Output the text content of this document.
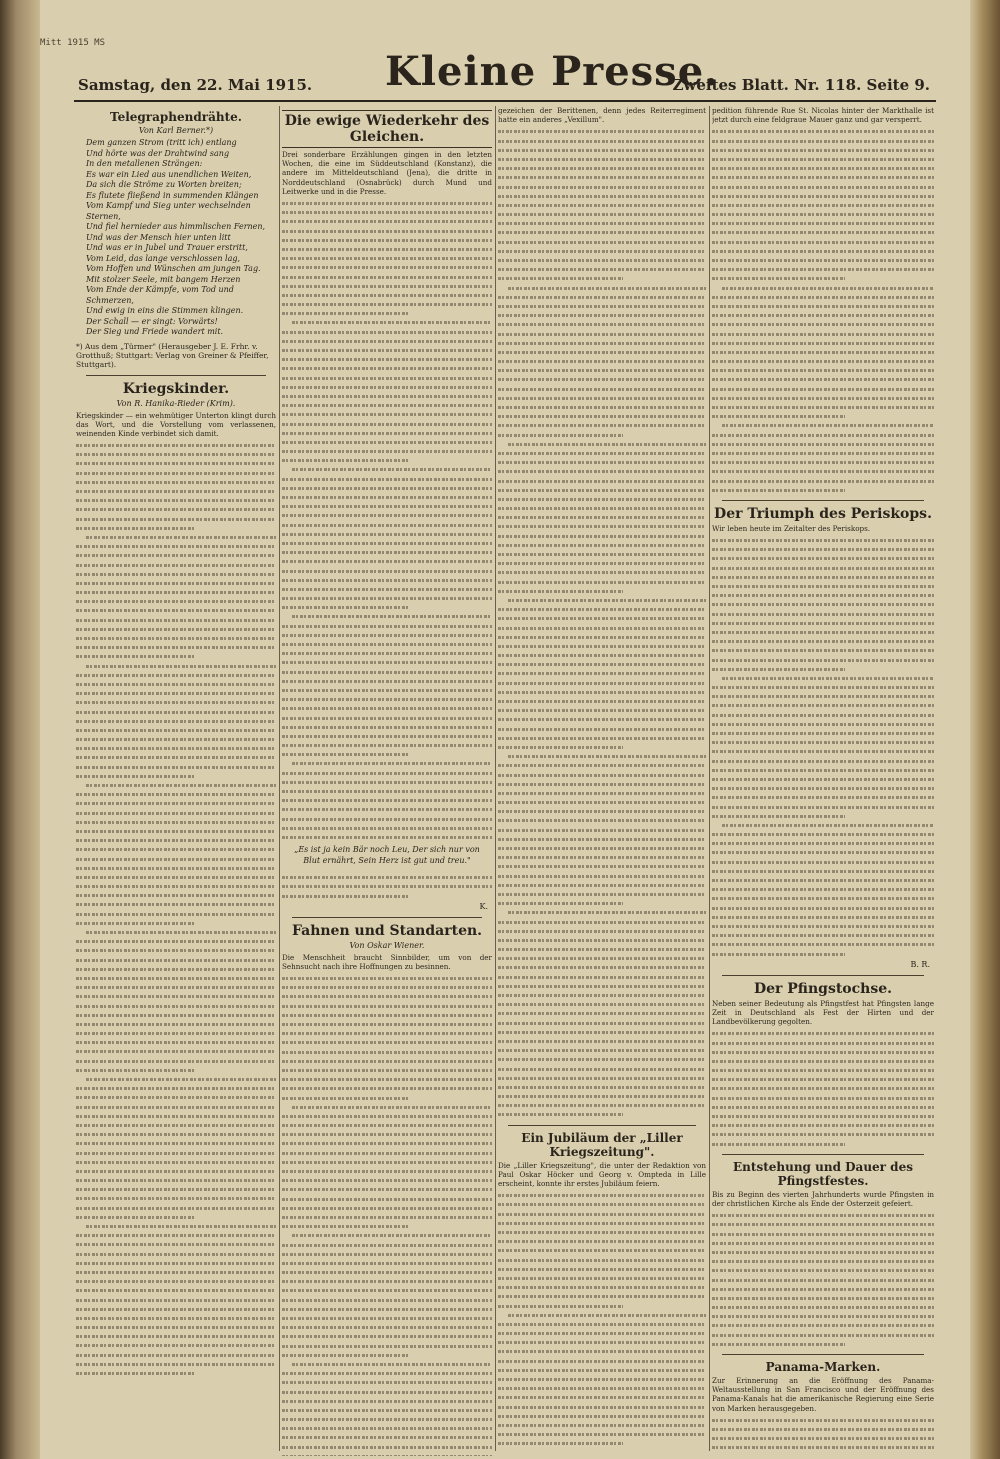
Mitt 1915 MS
Samstag, den 22. Mai 1915. Kleine Presse.
Zweites Blatt. Nr. 118. Seite 9.
Telegraphendrähte.
Von Karl Berner.*)
Dem ganzen Strom (tritt ich) entlang
Und hörte was der Drahtwind sang
In den metallenen Strängen:
Es war ein Lied aus unendlichen Weiten,
Da sich die Ströme zu Worten breiten;
Es flutete fließend in summenden Klängen
Vom Kampf und Sieg unter wechselnden Sternen,
Und fiel hernieder aus himmlischen Fernen,
Und was der Mensch hier unten litt
Und was er in Jubel und Trauer erstritt,
Vom Leid, das lange verschlossen lag,
Vom Hoffen und Wünschen am jungen Tag.
Mit stolzer Seele, mit bangem Herzen
Vom Ende der Kämpfe, vom Tod und Schmerzen,
Und ewig in eins die Stimmen klingen.
Der Schall — er singt: Vorwärts!
Der Sieg und Friede wandert mit.
*) Aus dem „Türmer" (Herausgeber J. E. Frhr. v. Grotthuß; Stuttgart: Verlag von Greiner & Pfeiffer, Stuttgart).
Kriegskinder.
Von R. Hanika-Rieder (Krim).
Kriegskinder — ein wehmütiger Unterton klingt durch das Wort, und die Vorstellung vom verlassenen, weinenden Kinde verbindet sich damit.
Die ewige Wiederkehr des Gleichen.
Drei sonderbare Erzählungen gingen in den letzten Wochen, die eine im Süddeutschland (Konstanz), die andere im Mitteldeutschland (Jena), die dritte in Norddeutschland (Osnabrück) durch Mund und Leitwerke und in die Presse.
„Es ist ja kein Bär noch Leu, Der sich nur von Blut ernährt, Sein Herz ist gut und treu."
K.
Fahnen und Standarten.
Von Oskar Wiener.
Die Menschheit braucht Sinnbilder, um von der Sehnsucht nach ihre Hoffnungen zu besinnen.
gezeichen der Berittenen, denn jedes Reiterregiment hatte ein anderes „Vexillum".
Ein Jubiläum der „Liller Kriegszeitung".
Die „Liller Kriegszeitung", die unter der Redaktion von Paul Oskar Höcker und Georg v. Ompteda in Lille erscheint, konnte ihr erstes Jubiläum feiern.
pedition führende Rue St. Nicolas hinter der Markthalle ist jetzt durch eine feldgraue Mauer ganz und gar versperrt.
Der Triumph des Periskops.
Wir leben heute im Zeitalter des Periskops.
B. R.
Der Pfingstochse.
Neben seiner Bedeutung als Pfingstfest hat Pfingsten lange Zeit in Deutschland als Fest der Hirten und der Landbevölkerung gegolten.
Entstehung und Dauer des Pfingstfestes.
Bis zu Beginn des vierten Jahrhunderts wurde Pfingsten in der christlichen Kirche als Ende der Osterzeit gefeiert.
Panama-Marken.
Zur Erinnerung an die Eröffnung des Panama-Weltausstellung in San Francisco und der Eröffnung des Panama-Kanals hat die amerikanische Regierung eine Serie von Marken herausgegeben.
